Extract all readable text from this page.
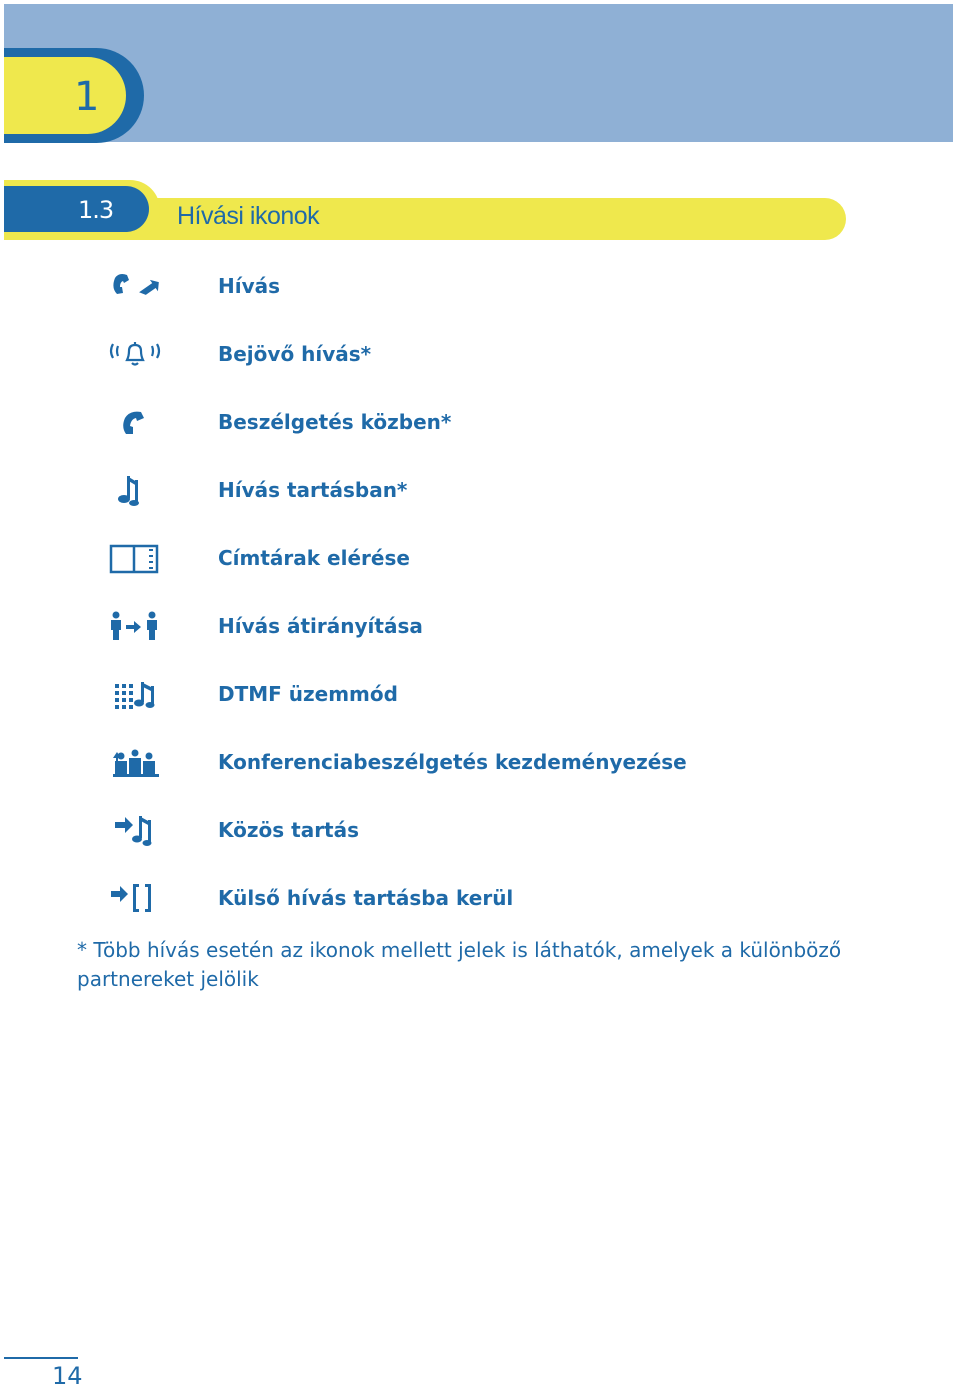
1
1.3	Hívási ikonok
Hívás
Bejövő hívás*
Beszélgetés közben*
Hívás tartásban*
Címtárak elérése
Hívás átirányítása
DTMF üzemmód
Konferenciabeszélgetés kezdeményezése
Közös tartás
Külső hívás tartásba kerül
* Több hívás esetén az ikonok mellett jelek is láthatók, amelyek a különböző partnereket jelölik
14
